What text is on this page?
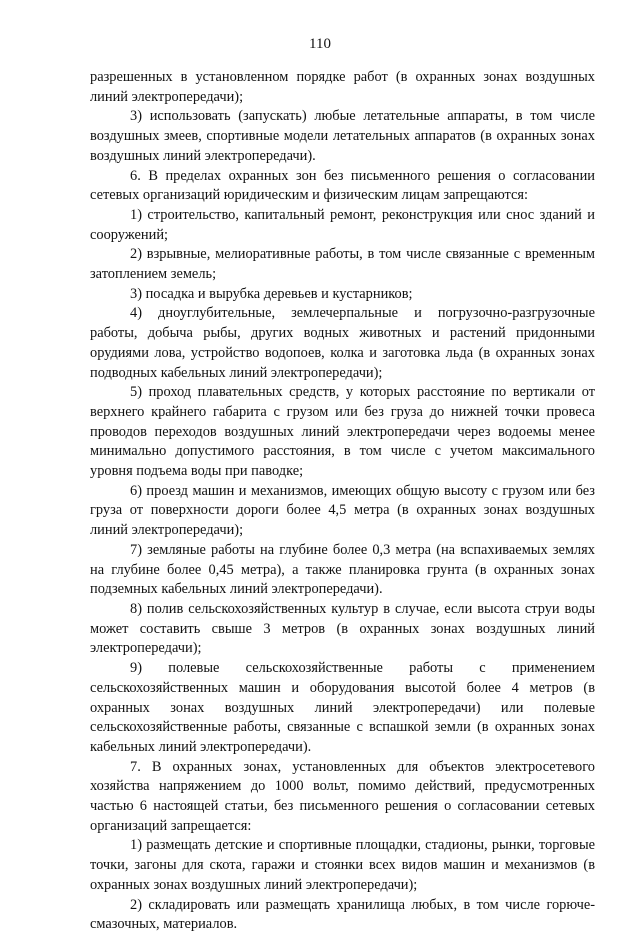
110

разрешенных в установленном порядке работ (в охранных зонах воздушных линий электропередачи);

3) использовать (запускать) любые летательные аппараты, в том числе воздушных змеев, спортивные модели летательных аппаратов (в охранных зонах воздушных линий электропередачи).

6. В пределах охранных зон без письменного решения о согласовании сетевых организаций юридическим и физическим лицам запрещаются:

1) строительство, капитальный ремонт, реконструкция или снос зданий и сооружений;

2) взрывные, мелиоративные работы, в том числе связанные с временным затоплением земель;

3) посадка и вырубка деревьев и кустарников;

4) дноуглубительные, землечерпальные и погрузочно-разгрузочные работы, добыча рыбы, других водных животных и растений придонными орудиями лова, устройство водопоев, колка и заготовка льда (в охранных зонах подводных кабельных линий электропередачи);

5) проход плавательных средств, у которых расстояние по вертикали от верхнего крайнего габарита с грузом или без груза до нижней точки провеса проводов переходов воздушных линий электропередачи через водоемы менее минимально допустимого расстояния, в том числе с учетом максимального уровня подъема воды при паводке;

6) проезд машин и механизмов, имеющих общую высоту с грузом или без груза от поверхности дороги более 4,5 метра (в охранных зонах воздушных линий электропередачи);

7) земляные работы на глубине более 0,3 метра (на вспахиваемых землях на глубине более 0,45 метра), а также планировка грунта (в охранных зонах подземных кабельных линий электропередачи).

8) полив сельскохозяйственных культур в случае, если высота струи воды может составить свыше 3 метров (в охранных зонах воздушных линий электропередачи);

9) полевые сельскохозяйственные работы с применением сельскохозяйственных машин и оборудования высотой более 4 метров (в охранных зонах воздушных линий электропередачи) или полевые сельскохозяйственные работы, связанные с вспашкой земли (в охранных зонах кабельных линий электропередачи).

7. В охранных зонах, установленных для объектов электросетевого хозяйства напряжением до 1000 вольт, помимо действий, предусмотренных частью 6 настоящей статьи, без письменного решения о согласовании сетевых организаций запрещается:

1) размещать детские и спортивные площадки, стадионы, рынки, торговые точки, загоны для скота, гаражи и стоянки всех видов машин и механизмов (в охранных зонах воздушных линий электропередачи);

2) складировать или размещать хранилища любых, в том числе горюче-смазочных, материалов.
